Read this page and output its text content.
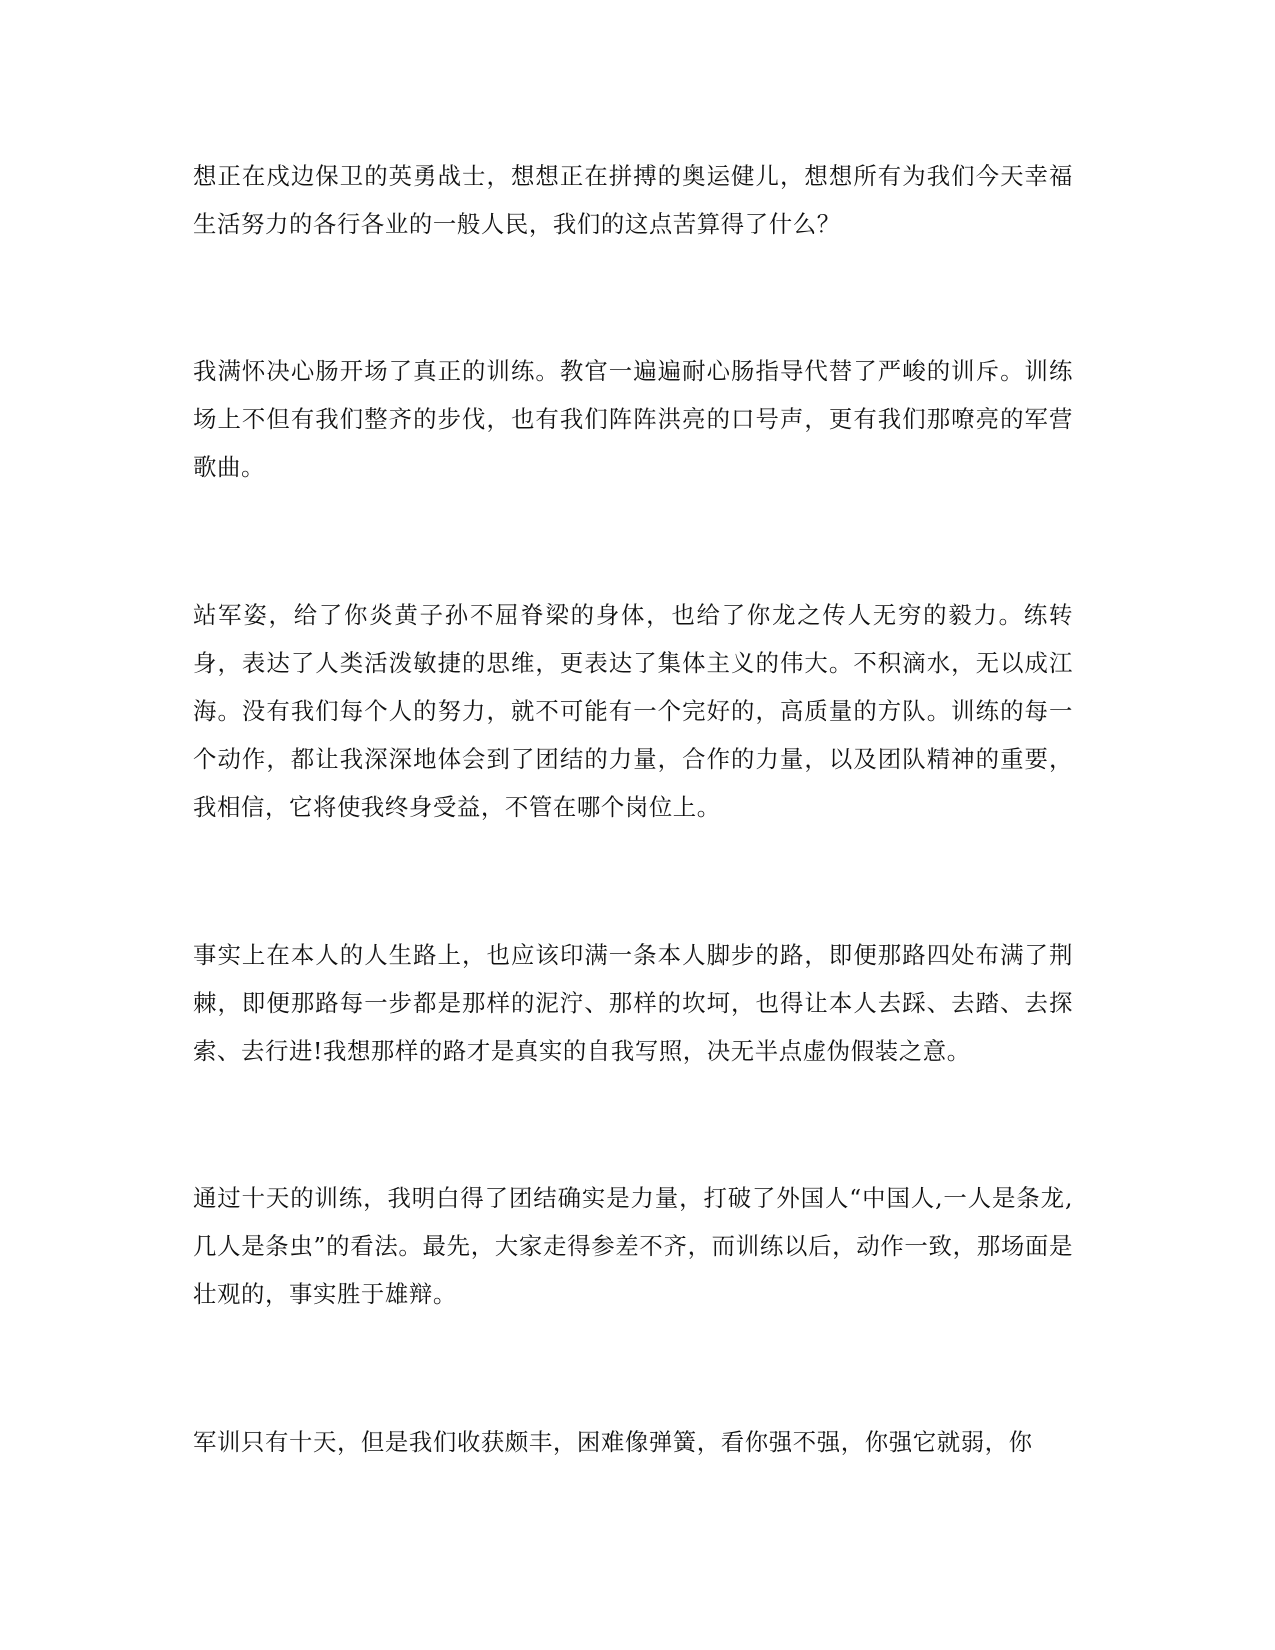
想正在戍边保卫的英勇战士，想想正在拼搏的奥运健儿，想想所有为我们今天幸福生活努力的各行各业的一般人民，我们的这点苦算得了什么？

我满怀决心肠开场了真正的训练。教官一遍遍耐心肠指导代替了严峻的训斥。训练场上不但有我们整齐的步伐，也有我们阵阵洪亮的口号声，更有我们那嘹亮的军营歌曲。

站军姿，给了你炎黄子孙不屈脊梁的身体，也给了你龙之传人无穷的毅力。练转身，表达了人类活泼敏捷的思维，更表达了集体主义的伟大。不积滴水，无以成江海。没有我们每个人的努力，就不可能有一个完好的，高质量的方队。训练的每一个动作，都让我深深地体会到了团结的力量，合作的力量，以及团队精神的重要，我相信，它将使我终身受益，不管在哪个岗位上。

事实上在本人的人生路上，也应该印满一条本人脚步的路，即便那路四处布满了荆棘，即便那路每一步都是那样的泥泞、那样的坎坷，也得让本人去踩、去踏、去探索、去行进!我想那样的路才是真实的自我写照，决无半点虚伪假装之意。

通过十天的训练，我明白得了团结确实是力量，打破了外国人“中国人,一人是条龙,几人是条虫”的看法。最先，大家走得参差不齐，而训练以后，动作一致，那场面是壮观的，事实胜于雄辩。

军训只有十天，但是我们收获颇丰，困难像弹簧，看你强不强，你强它就弱，你
